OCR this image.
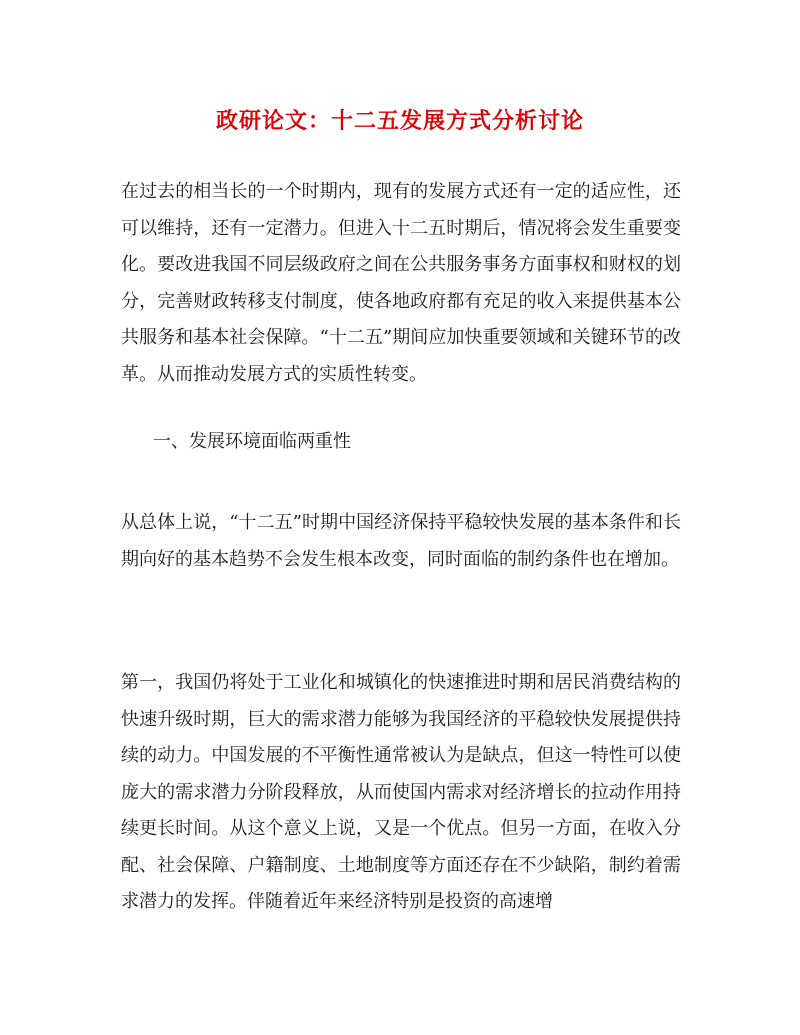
政研论文：十二五发展方式分析讨论

在过去的相当长的一个时期内，现有的发展方式还有一定的适应性，还可以维持，还有一定潜力。但进入十二五时期后，情况将会发生重要变化。要改进我国不同层级政府之间在公共服务事务方面事权和财权的划分，完善财政转移支付制度，使各地政府都有充足的收入来提供基本公共服务和基本社会保障。“十二五”期间应加快重要领域和关键环节的改革。从而推动发展方式的实质性转变。

一、发展环境面临两重性

从总体上说，“十二五”时期中国经济保持平稳较快发展的基本条件和长期向好的基本趋势不会发生根本改变，同时面临的制约条件也在增加。

第一，我国仍将处于工业化和城镇化的快速推进时期和居民消费结构的快速升级时期，巨大的需求潜力能够为我国经济的平稳较快发展提供持续的动力。中国发展的不平衡性通常被认为是缺点，但这一特性可以使庞大的需求潜力分阶段释放，从而使国内需求对经济增长的拉动作用持续更长时间。从这个意义上说，又是一个优点。但另一方面，在收入分配、社会保障、户籍制度、土地制度等方面还存在不少缺陷，制约着需求潜力的发挥。伴随着近年来经济特别是投资的高速增
